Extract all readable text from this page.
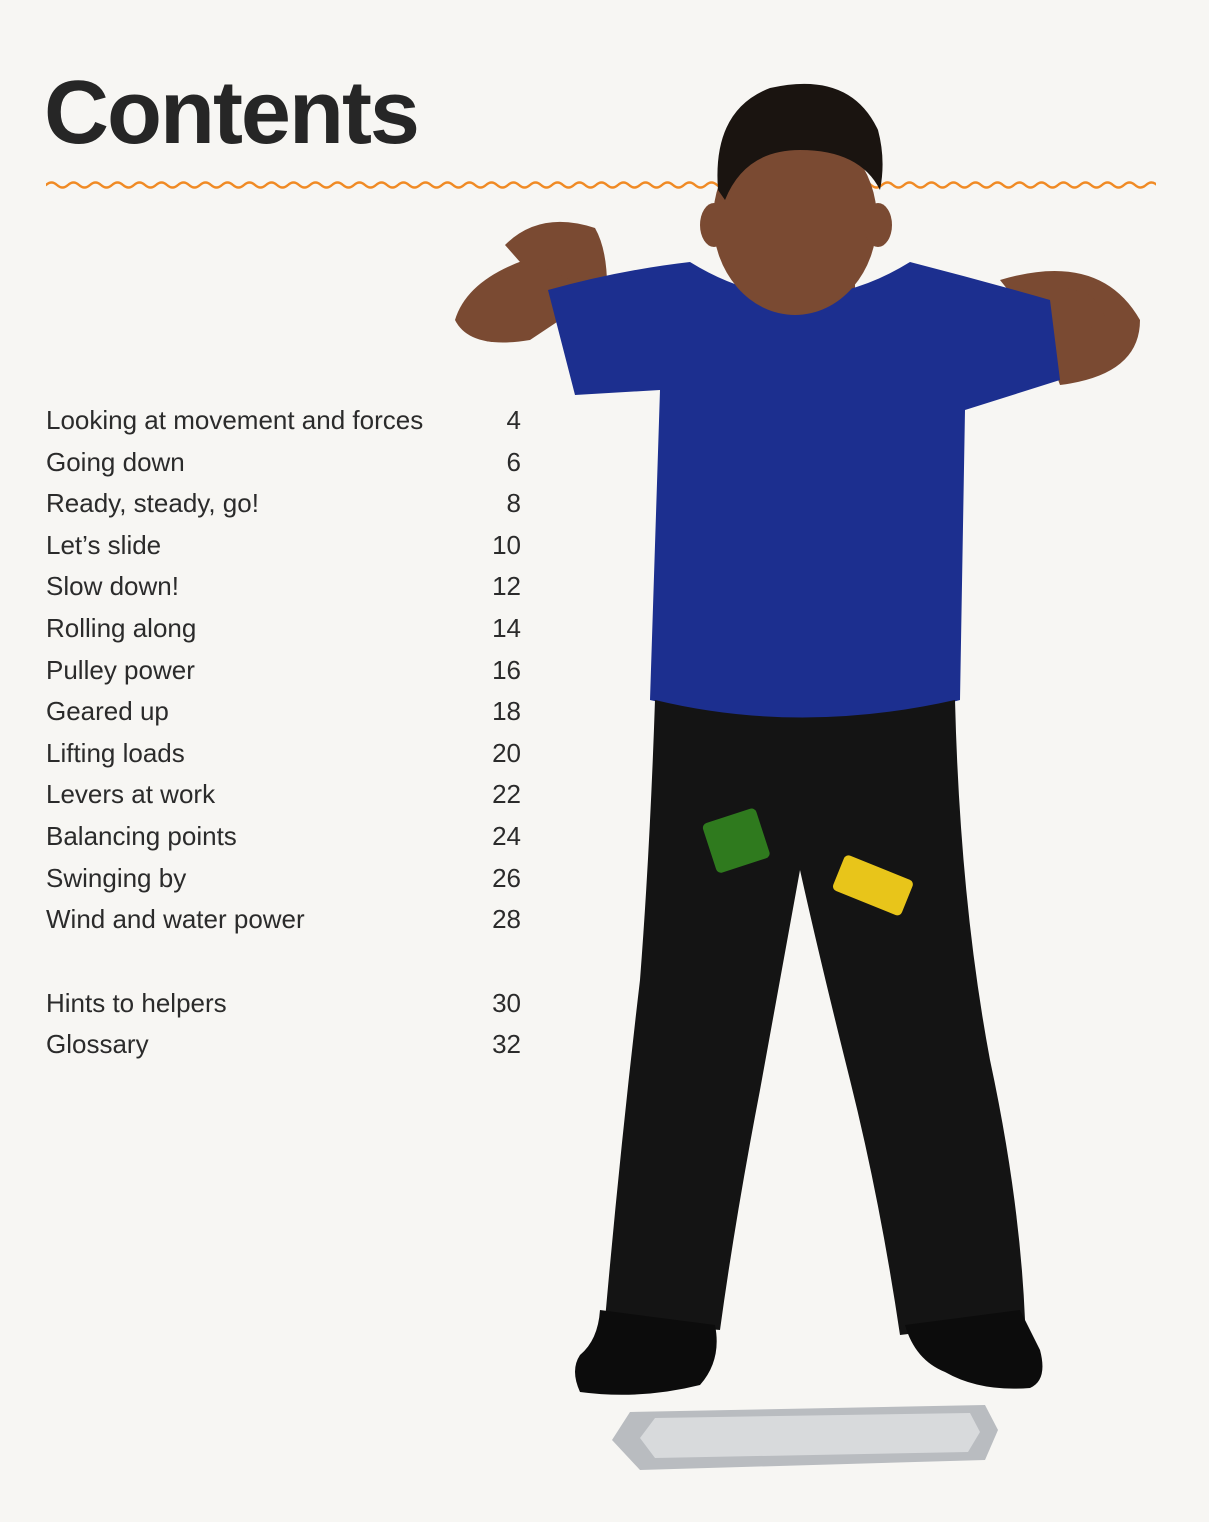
Contents
Looking at movement and forces	4
Going down	6
Ready, steady, go!	8
Let’s slide	10
Slow down!	12
Rolling along	14
Pulley power	16
Geared up	18
Lifting loads	20
Levers at work	22
Balancing points	24
Swinging by	26
Wind and water power	28
Hints to helpers	30
Glossary	32
